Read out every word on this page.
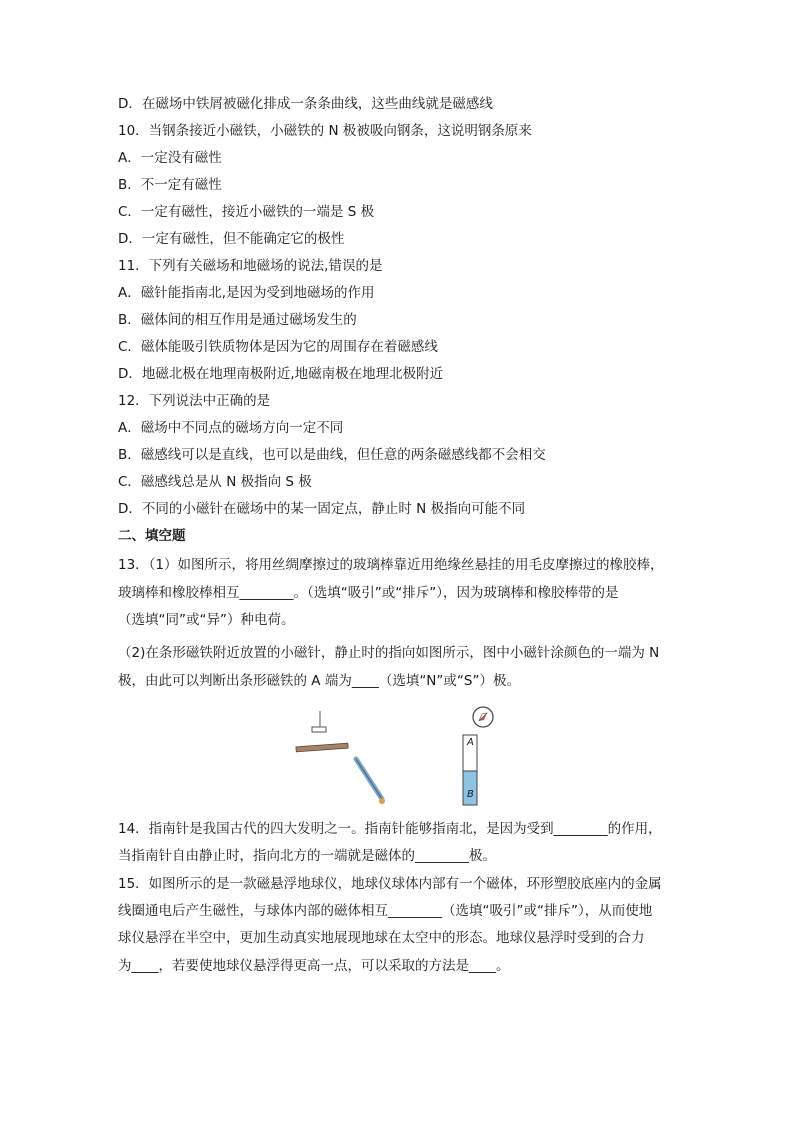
D．在磁场中铁屑被磁化排成一条条曲线，这些曲线就是磁感线
10．当钢条接近小磁铁，小磁铁的 N 极被吸向钢条，这说明钢条原来
A．一定没有磁性
B．不一定有磁性
C．一定有磁性，接近小磁铁的一端是 S 极
D．一定有磁性，但不能确定它的极性
11．下列有关磁场和地磁场的说法,错误的是
A．磁针能指南北,是因为受到地磁场的作用
B．磁体间的相互作用是通过磁场发生的
C．磁体能吸引铁质物体是因为它的周围存在着磁感线
D．地磁北极在地理南极附近,地磁南极在地理北极附近
12．下列说法中正确的是
A．磁场中不同点的磁场方向一定不同
B．磁感线可以是直线，也可以是曲线，但任意的两条磁感线都不会相交
C．磁感线总是从 N 极指向 S 极
D．不同的小磁针在磁场中的某一固定点，静止时 N 极指向可能不同
二、填空题
13．（1）如图所示，将用丝绸摩擦过的玻璃棒靠近用绝缘丝悬挂的用毛皮摩擦过的橡胶棒，
玻璃棒和橡胶棒相互________。（选填“吸引”或“排斥”），因为玻璃棒和橡胶棒带的是
（选填“同”或“异”）种电荷。
（2)在条形磁铁附近放置的小磁针，静止时的指向如图所示，图中小磁针涂颜色的一端为 N
极，由此可以判断出条形磁铁的 A 端为____（选填“N”或“S”）极。
14．指南针是我国古代的四大发明之一。指南针能够指南北，是因为受到________的作用，
当指南针自由静止时，指向北方的一端就是磁体的________极。
15．如图所示的是一款磁悬浮地球仪，地球仪球体内部有一个磁体，环形塑胶底座内的金属
线圈通电后产生磁性，与球体内部的磁体相互________（选填“吸引”或“排斥”），从而使地
球仪悬浮在半空中，更加生动真实地展现地球在太空中的形态。地球仪悬浮时受到的合力
为____，若要使地球仪悬浮得更高一点，可以采取的方法是____。
A
B
